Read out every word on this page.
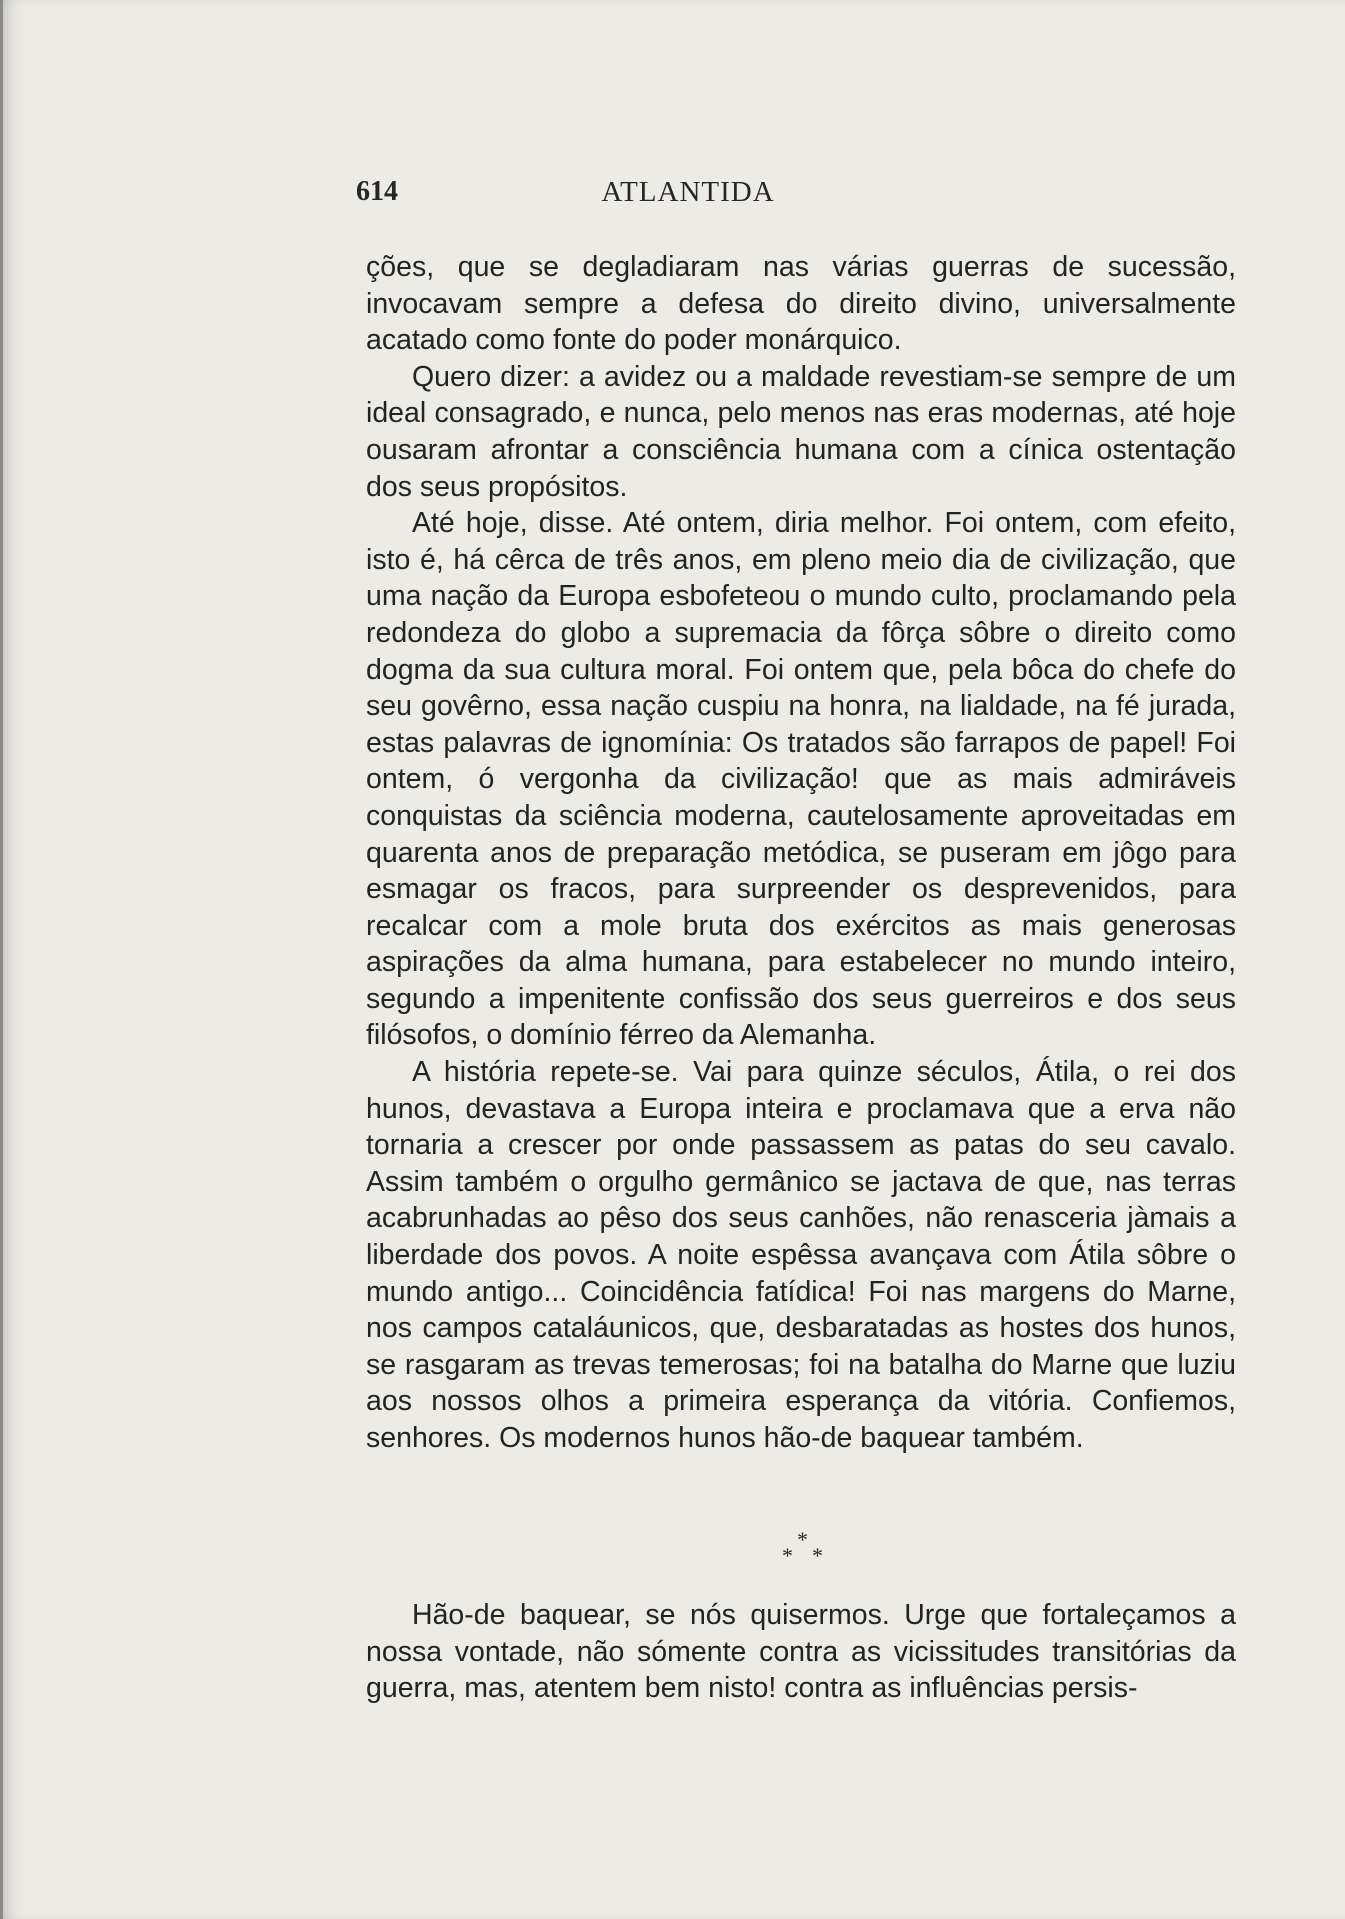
614	ATLANTIDA

ções, que se degladiaram nas várias guerras de sucessão, invocavam sempre a defesa do direito divino, universalmente acatado como fonte do poder monárquico.

Quero dizer: a avidez ou a maldade revestiam-se sempre de um ideal consagrado, e nunca, pelo menos nas eras modernas, até hoje ousaram afrontar a consciência humana com a cínica ostentação dos seus propósitos.

Até hoje, disse. Até ontem, diria melhor. Foi ontem, com efeito, isto é, há cêrca de três anos, em pleno meio dia de civilização, que uma nação da Europa esbofeteou o mundo culto, proclamando pela redondeza do globo a supremacia da fôrça sôbre o direito como dogma da sua cultura moral. Foi ontem que, pela bôca do chefe do seu govêrno, essa nação cuspiu na honra, na lialdade, na fé jurada, estas palavras de ignomínia: Os tratados são farrapos de papel! Foi ontem, ó vergonha da civilização! que as mais admiráveis conquistas da sciência moderna, cautelosamente aproveitadas em quarenta anos de preparação metódica, se puseram em jôgo para esmagar os fracos, para surpreender os desprevenidos, para recalcar com a mole bruta dos exércitos as mais generosas aspirações da alma humana, para estabelecer no mundo inteiro, segundo a impenitente confissão dos seus guerreiros e dos seus filósofos, o domínio férreo da Alemanha.

A história repete-se. Vai para quinze séculos, Átila, o rei dos hunos, devastava a Europa inteira e proclamava que a erva não tornaria a crescer por onde passassem as patas do seu cavalo. Assim também o orgulho germânico se jactava de que, nas terras acabrunhadas ao pêso dos seus canhões, não renasceria jàmais a liberdade dos povos. A noite espêssa avançava com Átila sôbre o mundo antigo... Coincidência fatídica! Foi nas margens do Marne, nos campos cataláunicos, que, desbaratadas as hostes dos hunos, se rasgaram as trevas temerosas; foi na batalha do Marne que luziu aos nossos olhos a primeira esperança da vitória. Confiemos, senhores. Os modernos hunos hão-de baquear também.

*
* *

Hão-de baquear, se nós quisermos. Urge que fortaleçamos a nossa vontade, não sómente contra as vicissitudes transitórias da guerra, mas, atentem bem nisto! contra as influências persis-
